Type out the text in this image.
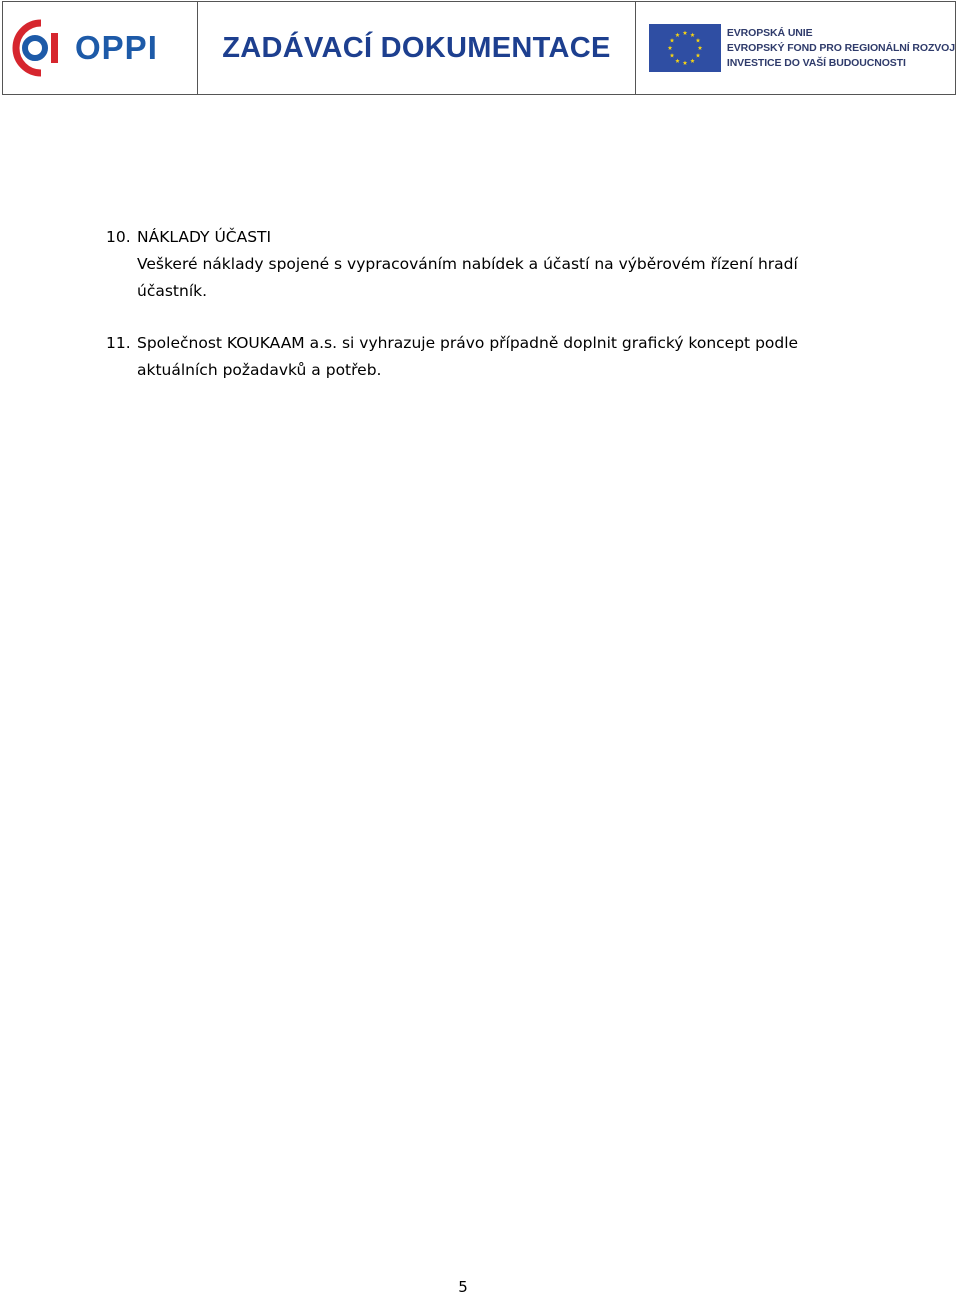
OPPI ZADÁVACÍ DOKUMENTACE	EVROPSKÁ UNIE
EVROPSKÝ FOND PRO REGIONÁLNÍ ROZVOJ
INVESTICE DO VAŠÍ BUDOUCNOSTI
10. NÁKLADY ÚČASTI
Veškeré náklady spojené s vypracováním nabídek a účastí na výběrovém řízení hradí
účastník.
11. Společnost KOUKAAM a.s. si vyhrazuje právo případně doplnit grafický koncept podle
aktuálních požadavků a potřeb.
5
